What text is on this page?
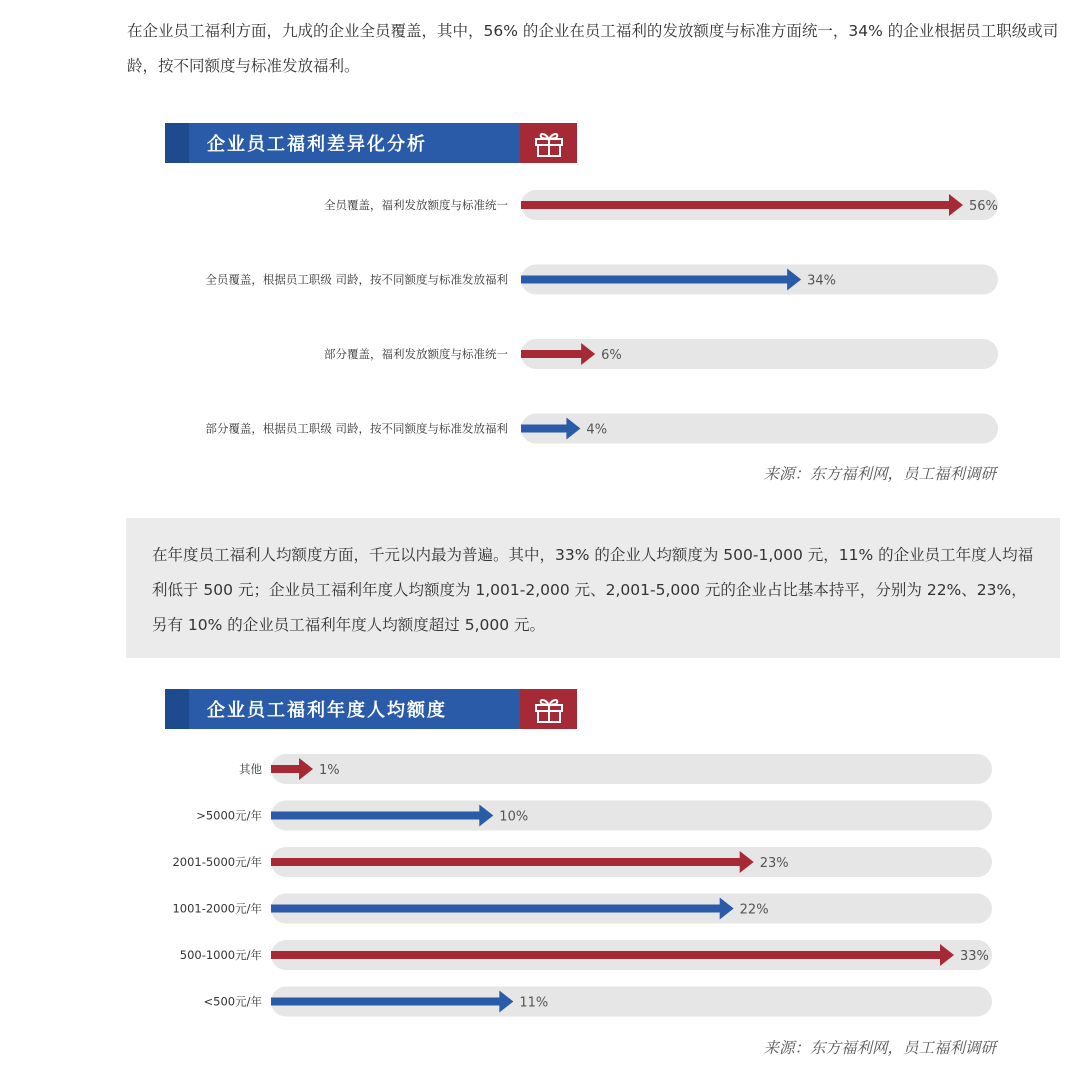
在企业员工福利方面，九成的企业全员覆盖，其中，56% 的企业在员工福利的发放额度与标准方面统一，34% 的企业根据员工职级或司龄，按不同额度与标准发放福利。

企业员工福利差异化分析
全员覆盖，福利发放额度与标准统一	56%
全员覆盖，根据员工职级 司龄，按不同额度与标准发放福利	34%
部分覆盖，福利发放额度与标准统一	6%
部分覆盖，根据员工职级 司龄，按不同额度与标准发放福利	4%
来源：东方福利网，员工福利调研

在年度员工福利人均额度方面，千元以内最为普遍。其中，33% 的企业人均额度为 500-1,000 元，11% 的企业员工年度人均福利低于 500 元；企业员工福利年度人均额度为 1,001-2,000 元、2,001-5,000 元的企业占比基本持平，分别为 22%、23%，另有 10% 的企业员工福利年度人均额度超过 5,000 元。

企业员工福利年度人均额度
其他	1%
>5000元/年	10%
2001-5000元/年	23%
1001-2000元/年	22%
500-1000元/年	33%
<500元/年	11%
来源：东方福利网，员工福利调研
